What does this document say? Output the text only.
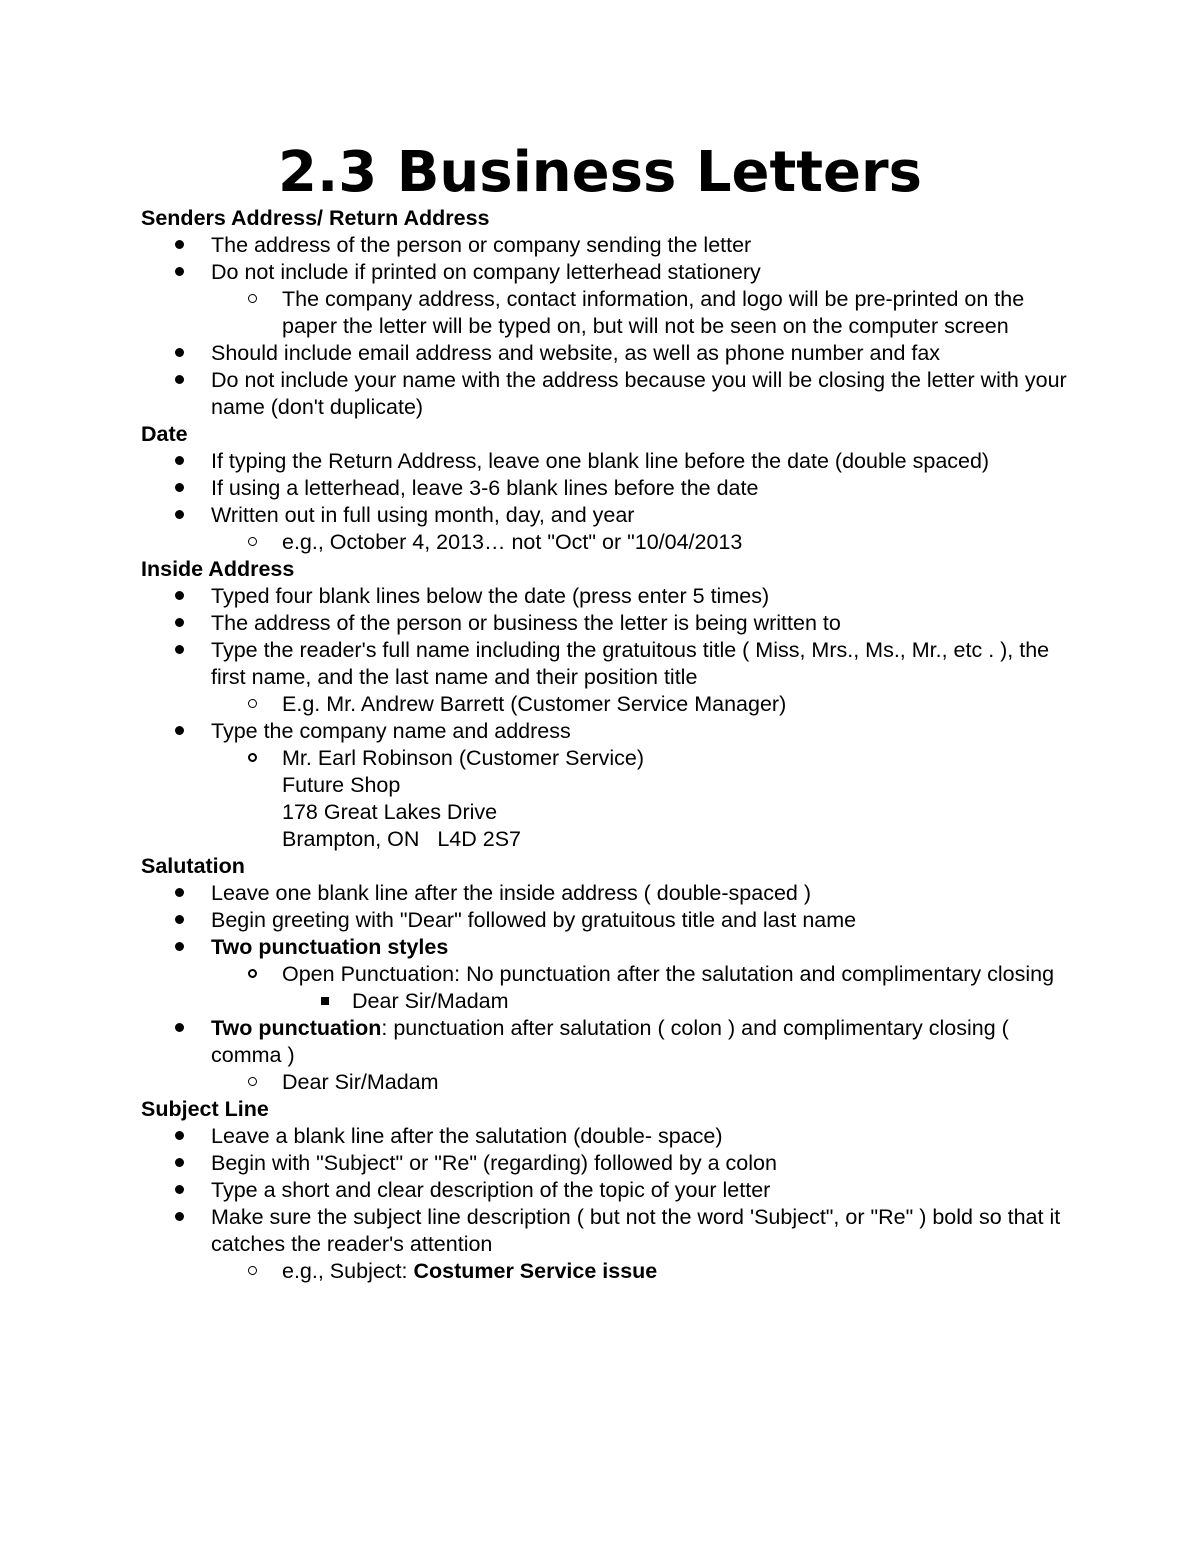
2.3 Business Letters

Senders Address/ Return Address

The address of the person or company sending the letter
Do not include if printed on company letterhead stationery
The company address, contact information, and logo will be pre-printed on the paper the letter will be typed on, but will not be seen on the computer screen
Should include email address and website, as well as phone number and fax
Do not include your name with the address because you will be closing the letter with your name (don't duplicate)

Date

If typing the Return Address, leave one blank line before the date (double spaced)
If using a letterhead, leave 3-6 blank lines before the date
Written out in full using month, day, and year
e.g., October 4, 2013… not "Oct" or "10/04/2013

Inside Address

Typed four blank lines below the date (press enter 5 times)
The address of the person or business the letter is being written to
Type the reader's full name including the gratuitous title ( Miss, Mrs., Ms., Mr., etc . ), the first name, and the last name and their position title
E.g. Mr. Andrew Barrett (Customer Service Manager)
Type the company name and address
Mr. Earl Robinson (Customer Service)
Future Shop
178 Great Lakes Drive
Brampton, ON   L4D 2S7

Salutation

Leave one blank line after the inside address ( double-spaced )
Begin greeting with "Dear" followed by gratuitous title and last name
Two punctuation styles
Open Punctuation: No punctuation after the salutation and complimentary closing
Dear Sir/Madam
Two punctuation: punctuation after salutation ( colon ) and complimentary closing ( comma )
Dear Sir/Madam

Subject Line

Leave a blank line after the salutation (double- space)
Begin with "Subject" or "Re" (regarding) followed by a colon
Type a short and clear description of the topic of your letter
Make sure the subject line description ( but not the word 'Subject", or "Re" ) bold so that it catches the reader's attention
e.g., Subject: Costumer Service issue
